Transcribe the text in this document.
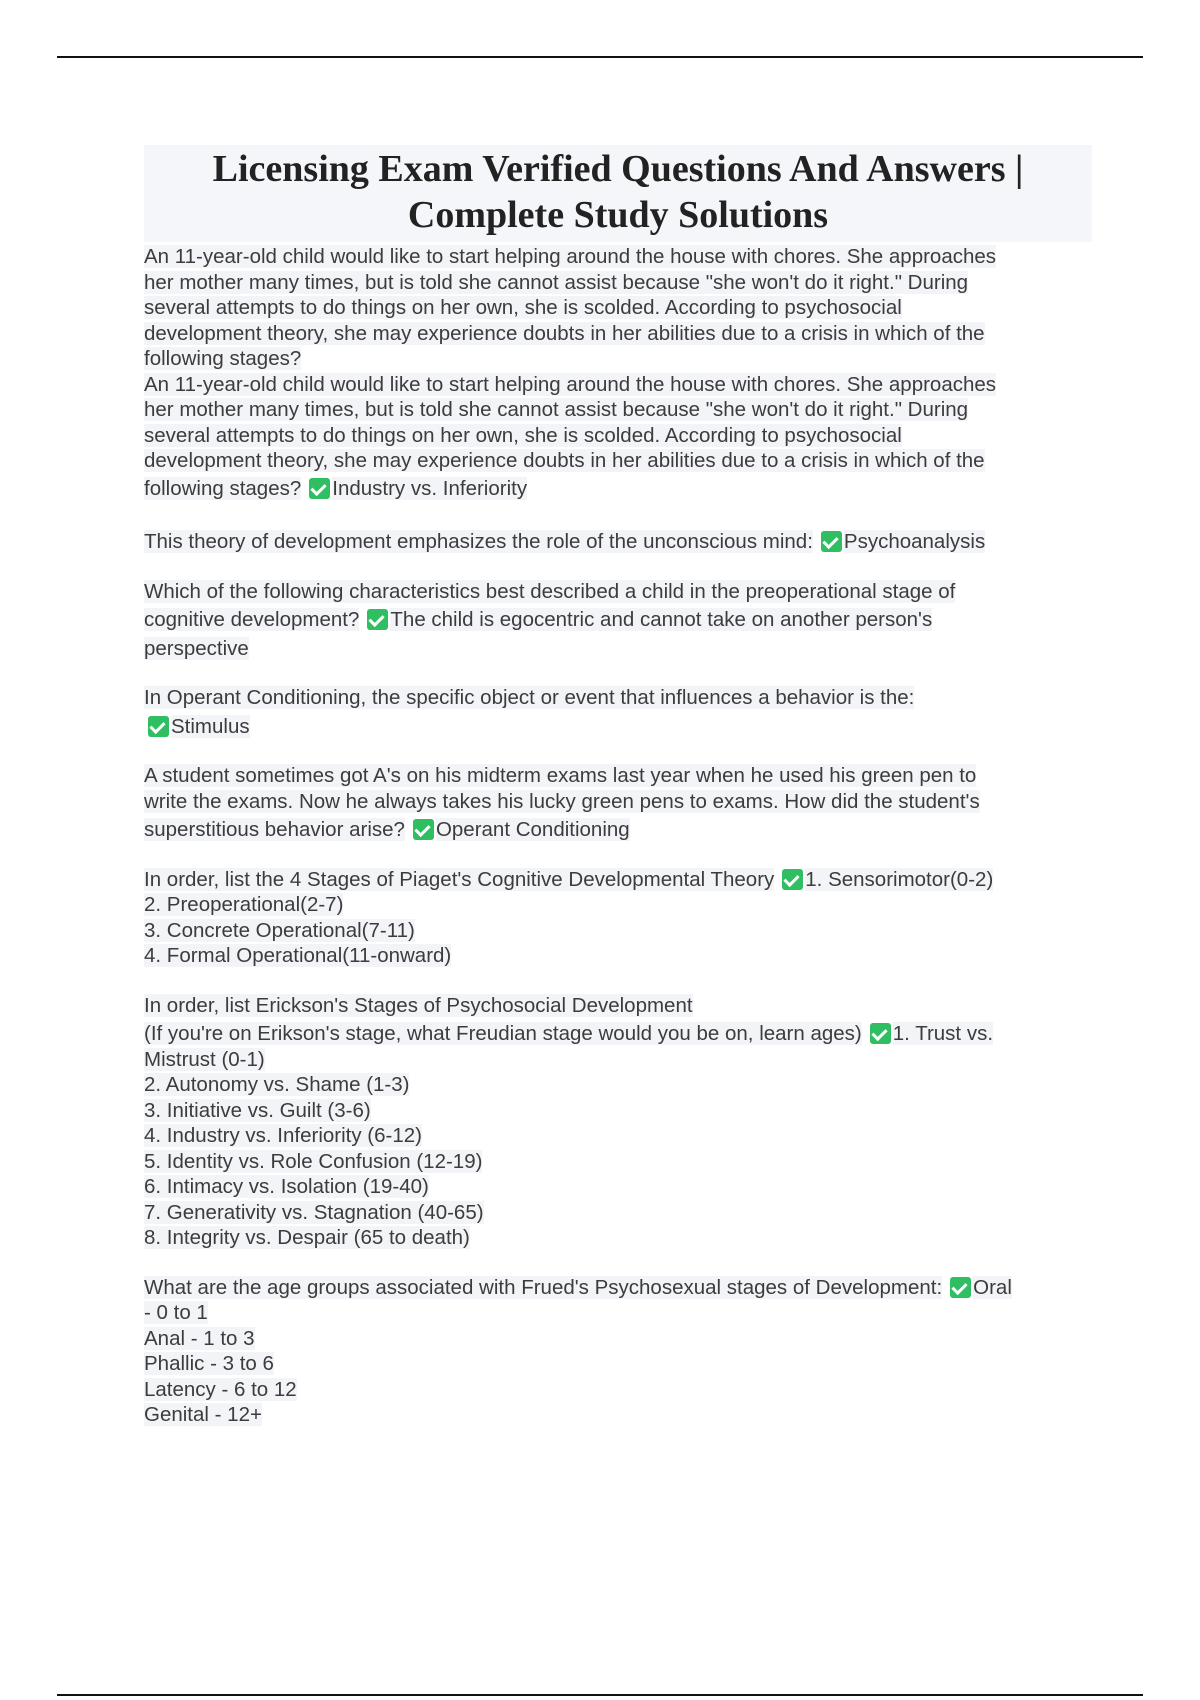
Licensing Exam Verified Questions And Answers |
Complete Study Solutions
An 11-year-old child would like to start helping around the house with chores. She approaches
her mother many times, but is told she cannot assist because "she won't do it right." During
several attempts to do things on her own, she is scolded. According to psychosocial
development theory, she may experience doubts in her abilities due to a crisis in which of the
following stages?
An 11-year-old child would like to start helping around the house with chores. She approaches
her mother many times, but is told she cannot assist because "she won't do it right." During
several attempts to do things on her own, she is scolded. According to psychosocial
development theory, she may experience doubts in her abilities due to a crisis in which of the
following stages? Industry vs. Inferiority
This theory of development emphasizes the role of the unconscious mind: Psychoanalysis
Which of the following characteristics best described a child in the preoperational stage of
cognitive development? The child is egocentric and cannot take on another person's
perspective
In Operant Conditioning, the specific object or event that influences a behavior is the:
Stimulus
A student sometimes got A's on his midterm exams last year when he used his green pen to
write the exams. Now he always takes his lucky green pens to exams. How did the student's
superstitious behavior arise? Operant Conditioning
In order, list the 4 Stages of Piaget's Cognitive Developmental Theory 1. Sensorimotor(0-2)
2. Preoperational(2-7)
3. Concrete Operational(7-11)
4. Formal Operational(11-onward)
In order, list Erickson's Stages of Psychosocial Development
(If you're on Erikson's stage, what Freudian stage would you be on, learn ages) 1. Trust vs.
Mistrust (0-1)
2. Autonomy vs. Shame (1-3)
3. Initiative vs. Guilt (3-6)
4. Industry vs. Inferiority (6-12)
5. Identity vs. Role Confusion (12-19)
6. Intimacy vs. Isolation (19-40)
7. Generativity vs. Stagnation (40-65)
8. Integrity vs. Despair (65 to death)
What are the age groups associated with Frued's Psychosexual stages of Development: Oral
- 0 to 1
Anal - 1 to 3
Phallic - 3 to 6
Latency - 6 to 12
Genital - 12+
